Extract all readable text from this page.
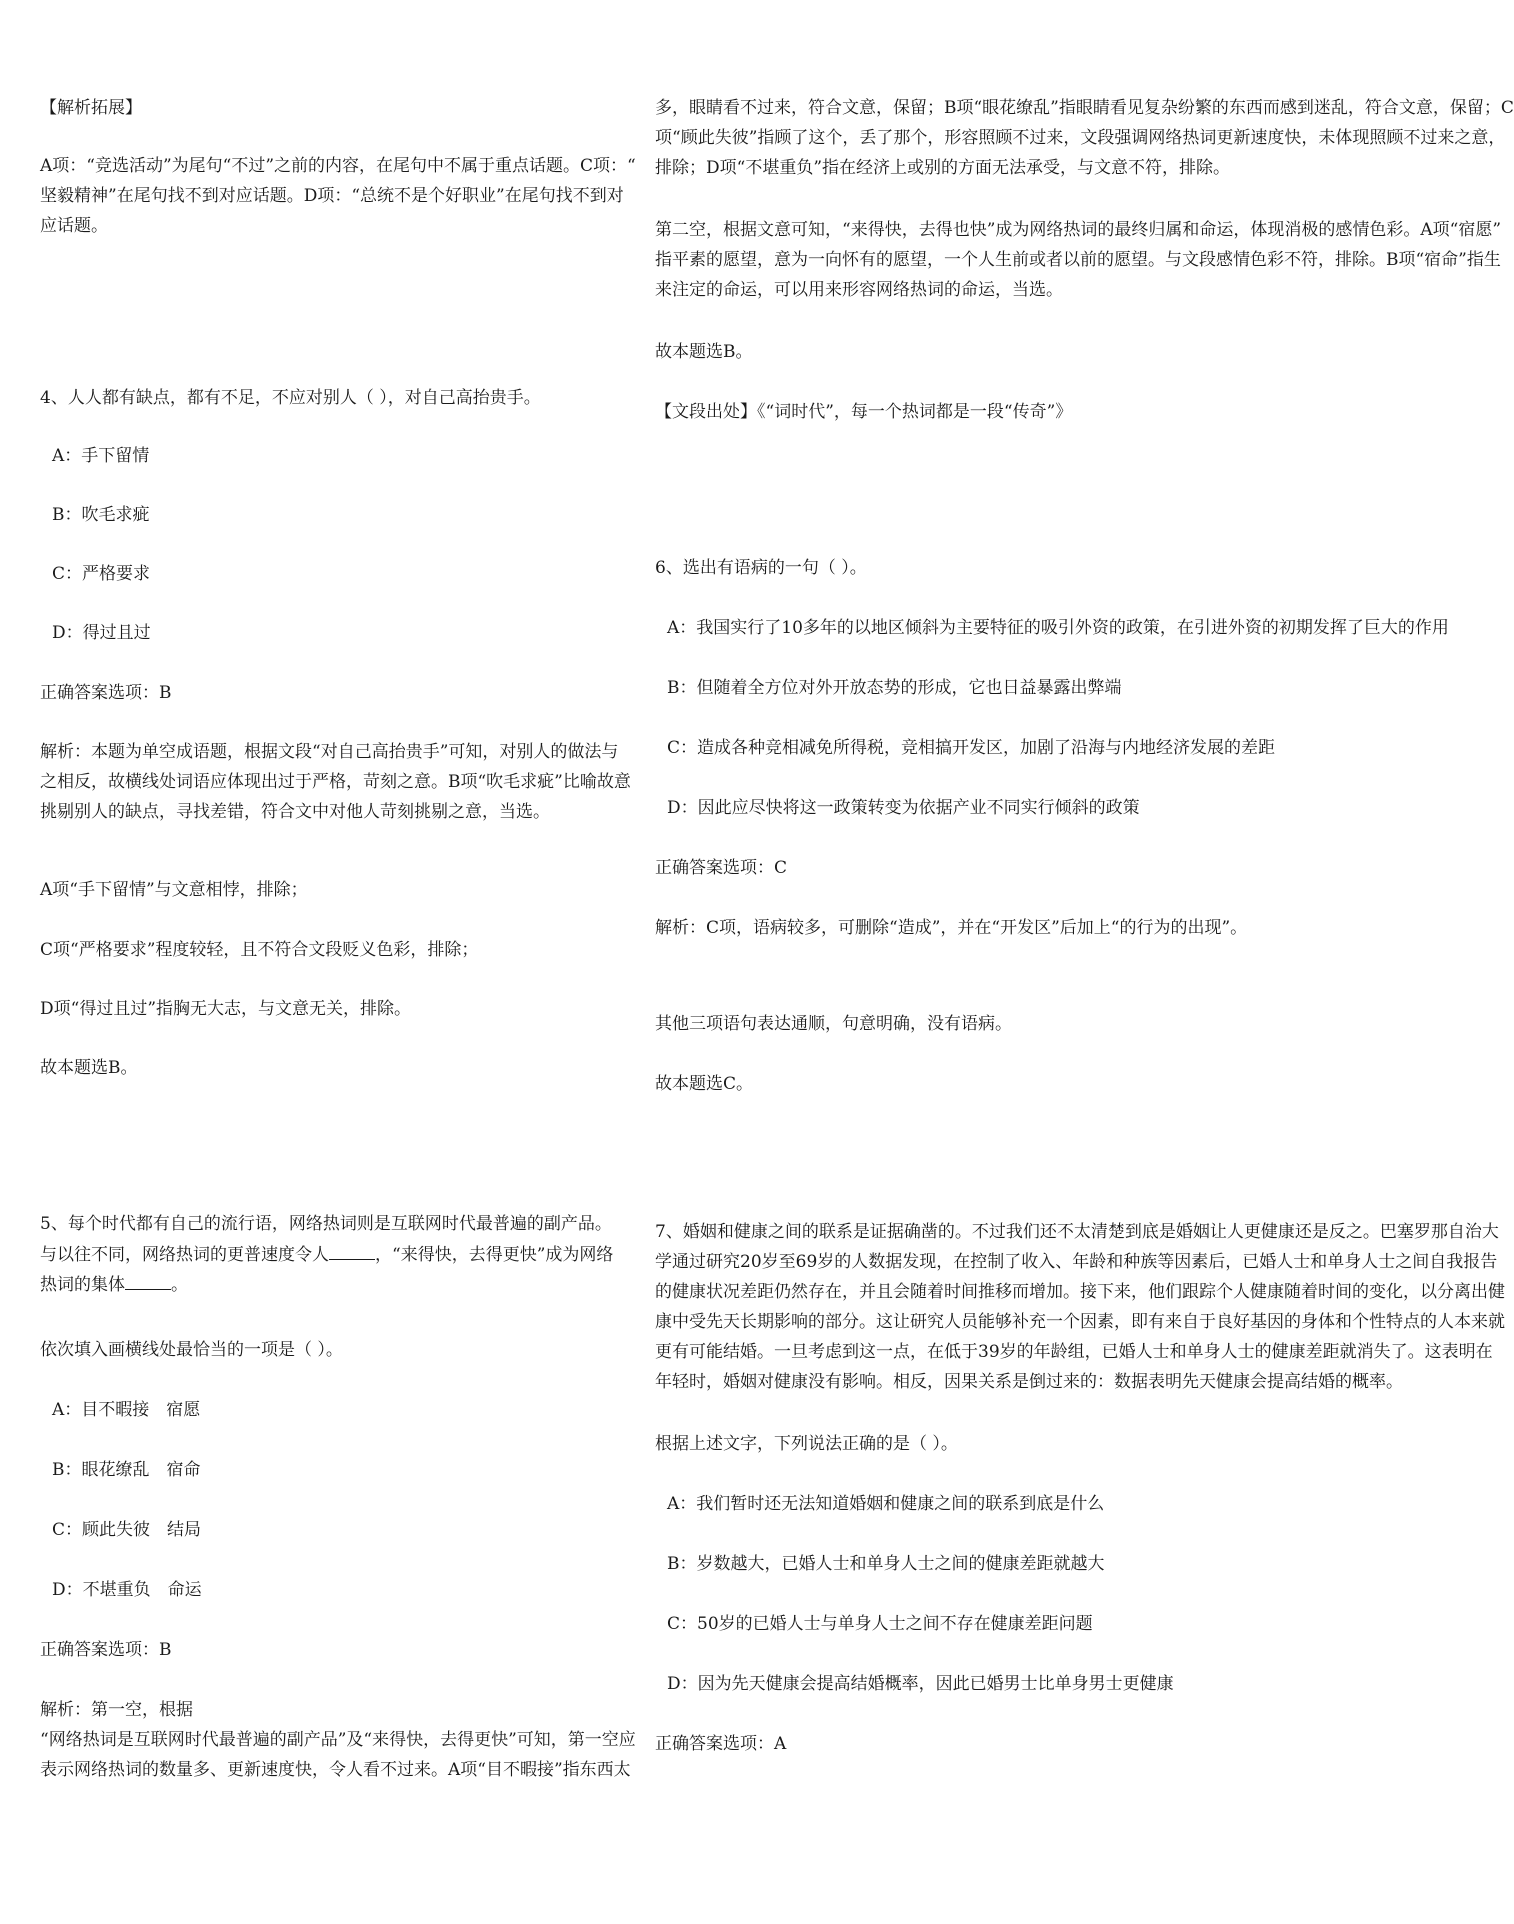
【解析拓展】

A项：“竞选活动”为尾句“不过”之前的内容，在尾句中不属于重点话题。C项：“

坚毅精神”在尾句找不到对应话题。D项：“总统不是个好职业”在尾句找不到对

应话题。

4、人人都有缺点，都有不足，不应对别人（ ），对自己高抬贵手。

A：手下留情

B：吹毛求疵

C：严格要求

D：得过且过

正确答案选项：B

解析：本题为单空成语题，根据文段“对自己高抬贵手”可知，对别人的做法与

之相反，故横线处词语应体现出过于严格，苛刻之意。B项“吹毛求疵”比喻故意

挑剔别人的缺点，寻找差错，符合文中对他人苛刻挑剔之意，当选。

A项“手下留情”与文意相悖，排除；

C项“严格要求”程度较轻，且不符合文段贬义色彩，排除；

D项“得过且过”指胸无大志，与文意无关，排除。

故本题选B。

5、每个时代都有自己的流行语，网络热词则是互联网时代最普遍的副产品。

与以往不同，网络热词的更普速度令人	，“来得快，去得更快”成为网络

热词的集体	。

依次填入画横线处最恰当的一项是（ ）。

A：目不暇接　宿愿

B：眼花缭乱　宿命

C：顾此失彼　结局

D：不堪重负　命运

正确答案选项：B

解析：第一空，根据

“网络热词是互联网时代最普遍的副产品”及“来得快，去得更快”可知，第一空应

表示网络热词的数量多、更新速度快，令人看不过来。A项“目不暇接”指东西太

多，眼睛看不过来，符合文意，保留；B项“眼花缭乱”指眼睛看见复杂纷繁的东西而感到迷乱，符合文意，保留；C

项“顾此失彼”指顾了这个，丢了那个，形容照顾不过来，文段强调网络热词更新速度快，未体现照顾不过来之意，

排除；D项“不堪重负”指在经济上或别的方面无法承受，与文意不符，排除。

第二空，根据文意可知，“来得快，去得也快”成为网络热词的最终归属和命运，体现消极的感情色彩。A项“宿愿”

指平素的愿望，意为一向怀有的愿望，一个人生前或者以前的愿望。与文段感情色彩不符，排除。B项“宿命”指生

来注定的命运，可以用来形容网络热词的命运，当选。

故本题选B。

【文段出处】《“词时代”，每一个热词都是一段“传奇”》

6、选出有语病的一句（ ）。

A：我国实行了10多年的以地区倾斜为主要特征的吸引外资的政策，在引进外资的初期发挥了巨大的作用

B：但随着全方位对外开放态势的形成，它也日益暴露出弊端

C：造成各种竞相减免所得税，竞相搞开发区，加剧了沿海与内地经济发展的差距

D：因此应尽快将这一政策转变为依据产业不同实行倾斜的政策

正确答案选项：C

解析：C项，语病较多，可删除“造成”，并在“开发区”后加上“的行为的出现”。

其他三项语句表达通顺，句意明确，没有语病。

故本题选C。

7、婚姻和健康之间的联系是证据确凿的。不过我们还不太清楚到底是婚姻让人更健康还是反之。巴塞罗那自治大

学通过研究20岁至69岁的人数据发现，在控制了收入、年龄和种族等因素后，已婚人士和单身人士之间自我报告

的健康状况差距仍然存在，并且会随着时间推移而增加。接下来，他们跟踪个人健康随着时间的变化，以分离出健

康中受先天长期影响的部分。这让研究人员能够补充一个因素，即有来自于良好基因的身体和个性特点的人本来就

更有可能结婚。一旦考虑到这一点，在低于39岁的年龄组，已婚人士和单身人士的健康差距就消失了。这表明在

年轻时，婚姻对健康没有影响。相反，因果关系是倒过来的：数据表明先天健康会提高结婚的概率。

根据上述文字，下列说法正确的是（ ）。

A：我们暂时还无法知道婚姻和健康之间的联系到底是什么

B：岁数越大，已婚人士和单身人士之间的健康差距就越大

C：50岁的已婚人士与单身人士之间不存在健康差距问题

D：因为先天健康会提高结婚概率，因此已婚男士比单身男士更健康

正确答案选项：A
